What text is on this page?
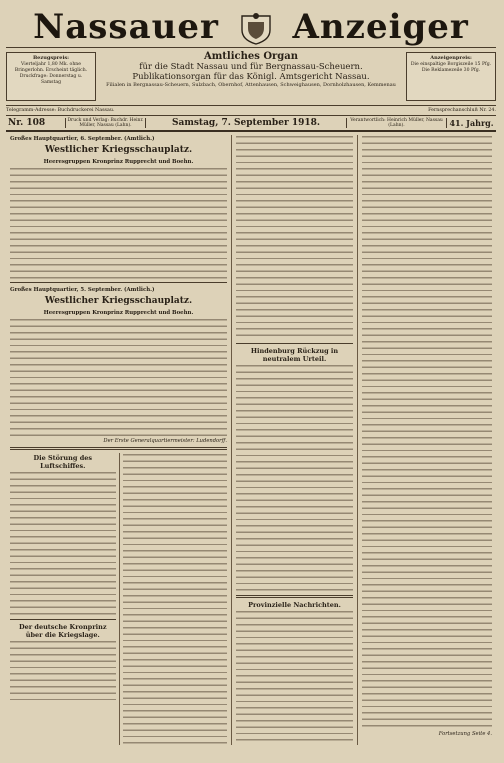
Nassauer Anzeiger
Bezugspreis:
Vierteljahr 1,80 Mk. ohne Bringerlohn. Erscheint täglich. Druckfrage: Donnerstag u. Samstag
Amtliches Organ
für die Stadt Nassau und für Bergnassau-Scheuern.
Publikationsorgan für das Königl. Amtsgericht Nassau.
Filialen in Bergnassau-Scheuern, Sulzbach, Obernhof, Attenhausen, Schweighausen, Dornholzhausen, Kemmenau
Anzeigenpreis:
Die einspaltige Borgiszeile 15 Pfg. Die Reklamezeile 30 Pfg.
Telegramm-Adresse: Buchdruckerei Nassau.	Fernsprechanschluß Nr. 24.
Nr. 108	Druck und Verlag: Buchdr. Heinr. Müller, Nassau (Lahn).	Samstag, 7. September 1918.	Verantwortlich: Heinrich Müller, Nassau (Lahn).	41. Jahrg.
Großes Hauptquartier, 6. September. (Amtlich.)
Westlicher Kriegsschauplatz.
Heeresgruppen Kronprinz Rupprecht und Boehn.
Großes Hauptquartier, 5. September. (Amtlich.)
Westlicher Kriegsschauplatz.
Heeresgruppen Kronprinz Rupprecht und Boehn.
Der Erste Generalquartiermeister: Ludendorff.
Die Störung des Luftschiffes.
Der deutsche Kronprinz über die Kriegslage.
Hindenburg Rückzug in neutralem Urteil.
Provinzielle Nachrichten.
Fortsetzung Seite 4.
